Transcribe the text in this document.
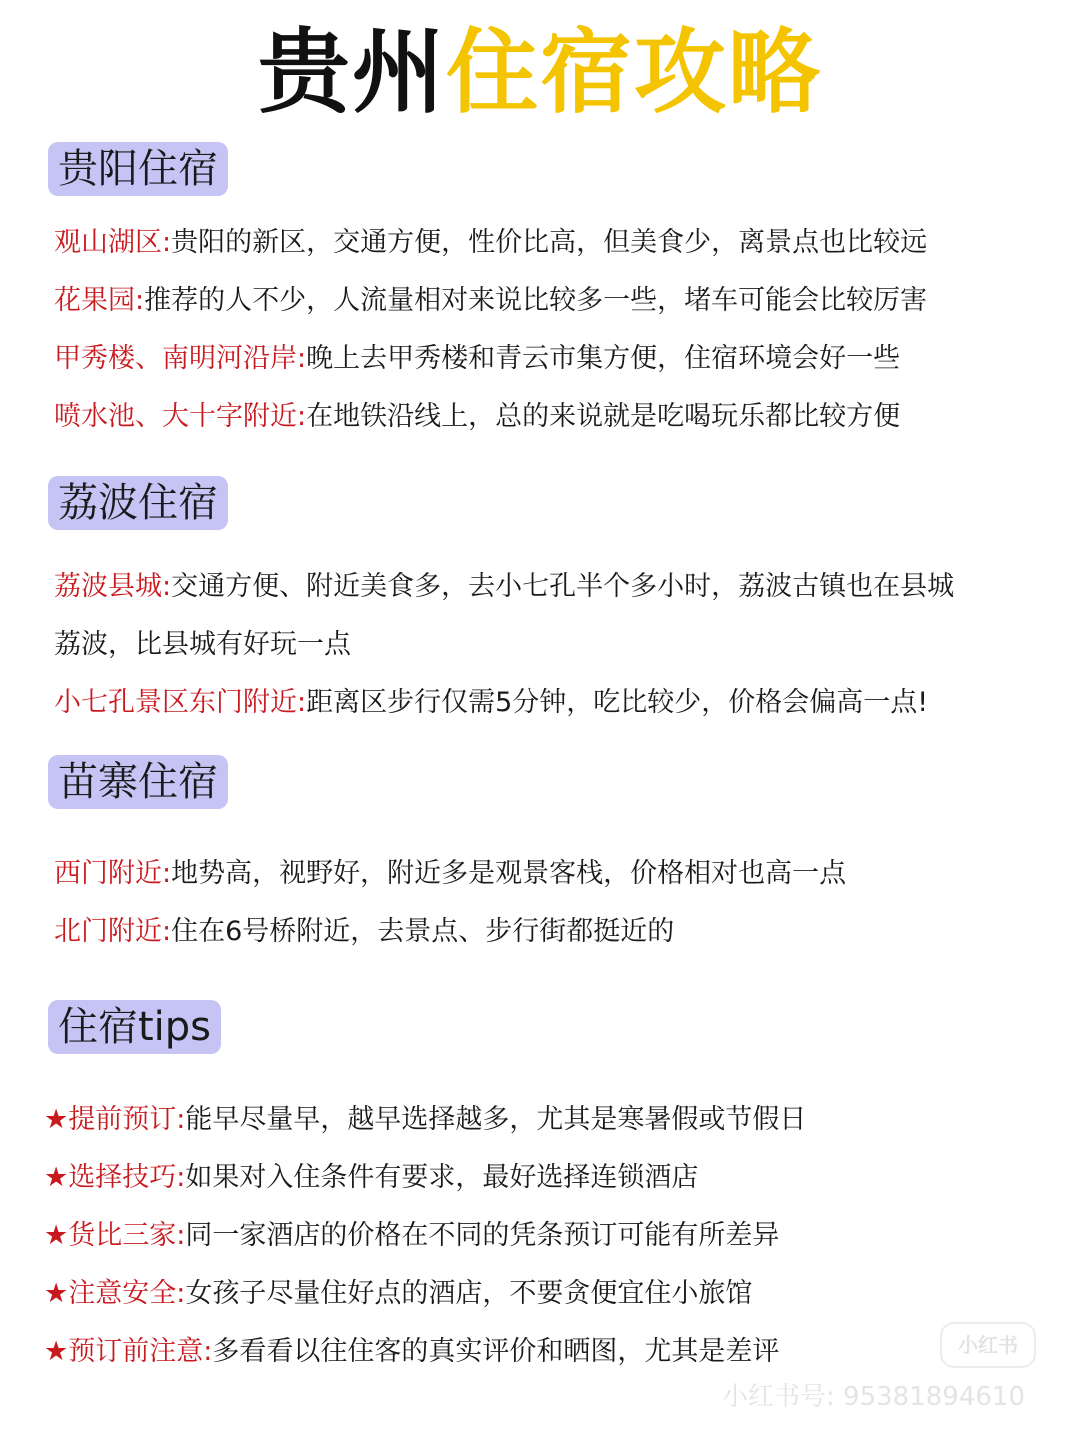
贵州住宿攻略
贵阳住宿
观山湖区:贵阳的新区，交通方便，性价比高，但美食少，离景点也比较远
花果园:推荐的人不少，人流量相对来说比较多一些，堵车可能会比较厉害
甲秀楼、南明河沿岸:晚上去甲秀楼和青云市集方便，住宿环境会好一些
喷水池、大十字附近:在地铁沿线上，总的来说就是吃喝玩乐都比较方便
荔波住宿
荔波县城:交通方便、附近美食多，去小七孔半个多小时，荔波古镇也在县城
荔波，比县城有好玩一点
小七孔景区东门附近:距离区步行仅需5分钟，吃比较少，价格会偏高一点!
苗寨住宿
西门附近:地势高，视野好，附近多是观景客栈，价格相对也高一点
北门附近:住在6号桥附近，去景点、步行街都挺近的
住宿tips
★提前预订:能早尽量早，越早选择越多，尤其是寒暑假或节假日
★选择技巧:如果对入住条件有要求，最好选择连锁酒店
★货比三家:同一家酒店的价格在不同的凭条预订可能有所差异
★注意安全:女孩子尽量住好点的酒店，不要贪便宜住小旅馆
★预订前注意:多看看以往住客的真实评价和晒图，尤其是差评	小红书
小红书号: 95381894610
